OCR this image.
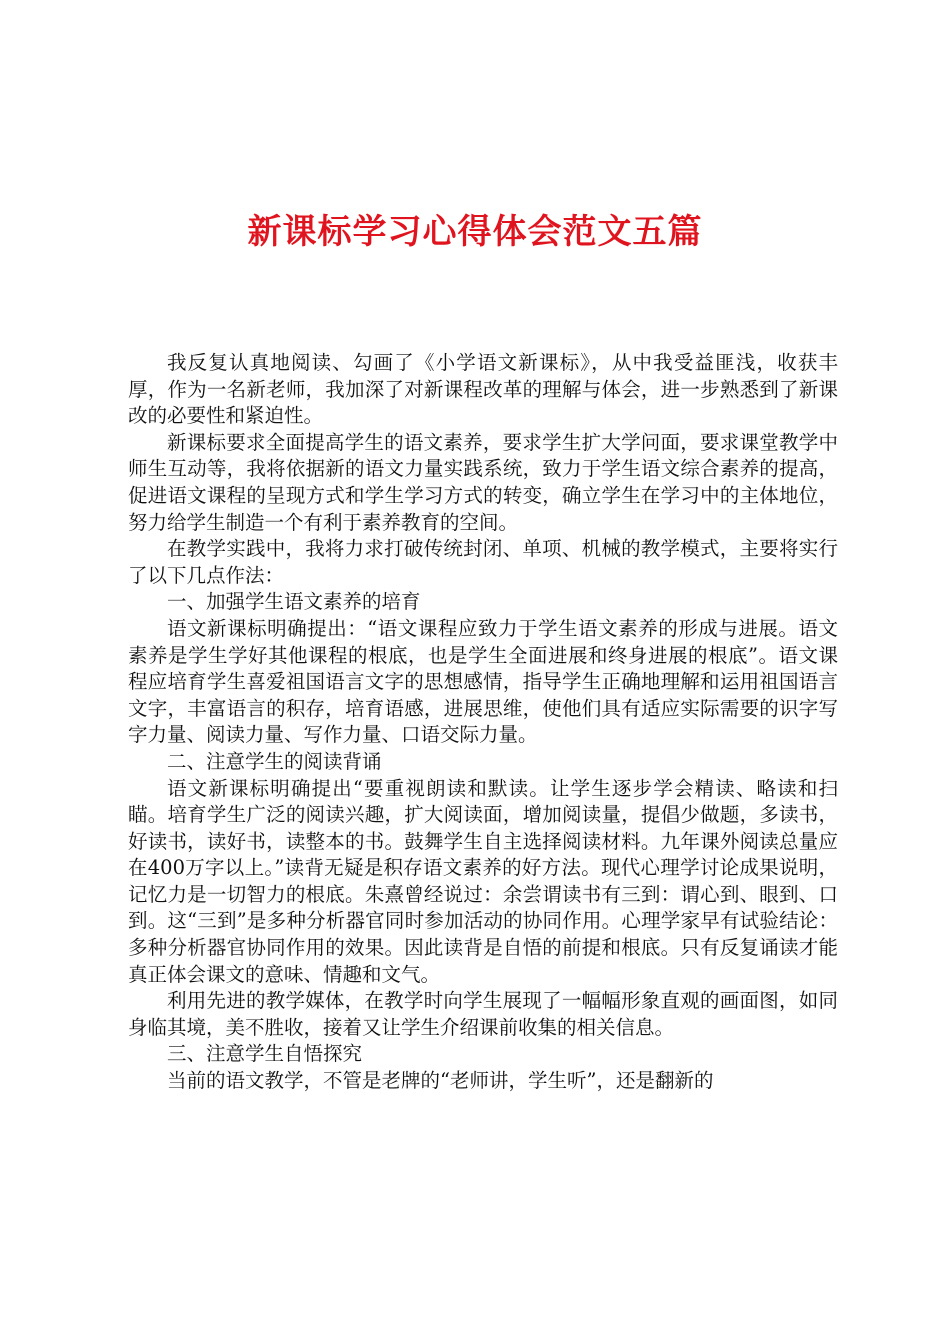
新课标学习心得体会范文五篇

我反复认真地阅读、勾画了《小学语文新课标》，从中我受益匪浅，收获丰厚，作为一名新老师，我加深了对新课程改革的理解与体会，进一步熟悉到了新课改的必要性和紧迫性。

新课标要求全面提高学生的语文素养，要求学生扩大学问面，要求课堂教学中师生互动等，我将依据新的语文力量实践系统，致力于学生语文综合素养的提高，促进语文课程的呈现方式和学生学习方式的转变，确立学生在学习中的主体地位，努力给学生制造一个有利于素养教育的空间。

在教学实践中，我将力求打破传统封闭、单项、机械的教学模式，主要将实行了以下几点作法：

一、加强学生语文素养的培育

语文新课标明确提出：“语文课程应致力于学生语文素养的形成与进展。语文素养是学生学好其他课程的根底，也是学生全面进展和终身进展的根底”。语文课程应培育学生喜爱祖国语言文字的思想感情，指导学生正确地理解和运用祖国语言文字，丰富语言的积存，培育语感，进展思维，使他们具有适应实际需要的识字写字力量、阅读力量、写作力量、口语交际力量。

二、注意学生的阅读背诵

语文新课标明确提出“要重视朗读和默读。让学生逐步学会精读、略读和扫瞄。培育学生广泛的阅读兴趣，扩大阅读面，增加阅读量，提倡少做题，多读书，好读书，读好书，读整本的书。鼓舞学生自主选择阅读材料。九年课外阅读总量应在400万字以上。”读背无疑是积存语文素养的好方法。现代心理学讨论成果说明，记忆力是一切智力的根底。朱熹曾经说过：余尝谓读书有三到：谓心到、眼到、口到。这“三到”是多种分析器官同时参加活动的协同作用。心理学家早有试验结论：多种分析器官协同作用的效果。因此读背是自悟的前提和根底。只有反复诵读才能真正体会课文的意味、情趣和文气。

利用先进的教学媒体，在教学时向学生展现了一幅幅形象直观的画面图，如同身临其境，美不胜收，接着又让学生介绍课前收集的相关信息。

三、注意学生自悟探究

当前的语文教学，不管是老牌的“老师讲，学生听”，还是翻新的
